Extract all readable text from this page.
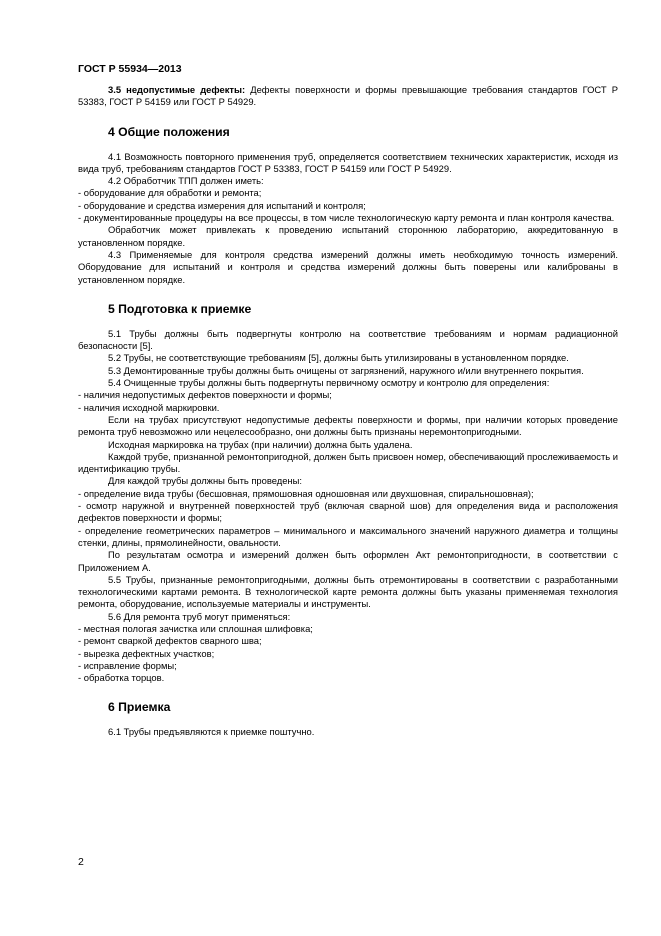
ГОСТ Р 55934—2013

3.5 недопустимые дефекты: Дефекты поверхности и формы превышающие требования стандартов ГОСТ Р 53383, ГОСТ Р 54159 или ГОСТ Р 54929.

4 Общие положения

4.1 Возможность повторного применения труб, определяется соответствием технических характеристик, исходя из вида труб, требованиям стандартов ГОСТ Р 53383, ГОСТ Р 54159 или ГОСТ Р 54929.

4.2 Обработчик ТПП должен иметь:

- оборудование для обработки и ремонта;

- оборудование и средства измерения для испытаний и контроля;

- документированные процедуры на все процессы, в том числе технологическую карту ремонта и план контроля качества.

Обработчик может привлекать к проведению испытаний стороннюю лабораторию, аккредитованную в установленном порядке.

4.3 Применяемые для контроля средства измерений должны иметь необходимую точность измерений. Оборудование для испытаний и контроля и средства измерений должны быть поверены или калиброваны в установленном порядке.

5 Подготовка к приемке

5.1 Трубы должны быть подвергнуты контролю на соответствие требованиям и нормам радиационной безопасности [5].

5.2 Трубы, не соответствующие требованиям [5], должны быть утилизированы в установленном порядке.

5.3 Демонтированные трубы должны быть очищены от загрязнений, наружного и/или внутреннего покрытия.

5.4 Очищенные трубы должны быть подвергнуты первичному осмотру и контролю для определения:

- наличия недопустимых дефектов поверхности и формы;

- наличия исходной маркировки.

Если на трубах присутствуют недопустимые дефекты поверхности и формы, при наличии которых проведение ремонта труб невозможно или нецелесообразно, они должны быть признаны неремонтопригодными.

Исходная маркировка на трубах (при наличии) должна быть удалена.

Каждой трубе, признанной ремонтопригодной, должен быть присвоен номер, обеспечивающий прослеживаемость и идентификацию трубы.

Для каждой трубы должны быть проведены:

- определение вида трубы (бесшовная, прямошовная одношовная или двухшовная, спиральношовная);

- осмотр наружной и внутренней поверхностей труб (включая сварной шов) для определения вида и расположения дефектов поверхности и формы;

- определение геометрических параметров – минимального и максимального значений наружного диаметра и толщины стенки, длины, прямолинейности, овальности.

По результатам осмотра и измерений должен быть оформлен Акт ремонтопригодности, в соответствии с Приложением А.

5.5 Трубы, признанные ремонтопригодными, должны быть отремонтированы в соответствии с разработанными технологическими картами ремонта. В технологической карте ремонта должны быть указаны применяемая технология ремонта, оборудование, используемые материалы и инструменты.

5.6 Для ремонта труб могут применяться:

- местная пологая зачистка или сплошная шлифовка;

- ремонт сваркой дефектов сварного шва;

- вырезка дефектных участков;

- исправление формы;

- обработка торцов.

6 Приемка

6.1 Трубы предъявляются к приемке поштучно.

2
